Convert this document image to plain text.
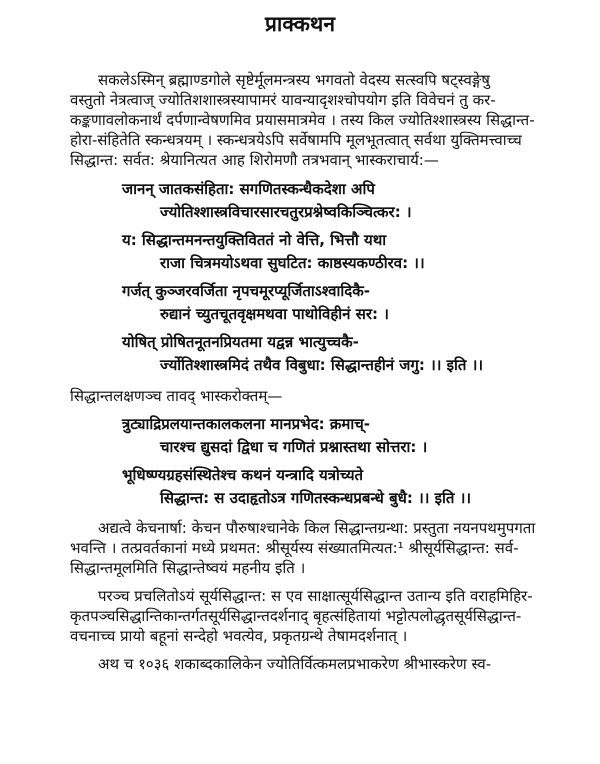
प्राक्कथन
सकलेऽस्मिन् ब्रह्माण्डगोले सृष्टेर्मूलमन्त्रस्य भगवतो वेदस्य सत्स्वपि षट्स्वङ्गेषु
वस्तुतो नेत्रत्वाज् ज्योतिशशास्त्रस्यापामरं यावन्यादृशश्चोपयोग इति विवेचनं तु कर-
कङ्कणावलोकनार्थं दर्पणान्वेषणमिव प्रयासमात्रमेव । तस्य किल ज्योतिश्शास्त्रस्य सिद्धान्त-
होरा-संहितेति स्कन्धत्रयम् । स्कन्धत्रयेऽपि सर्वेषामपि मूलभूतत्वात् सर्वथा युक्तिमत्त्वाच्च
सिद्धान्त: सर्वत: श्रेयानित्यत आह शिरोमणौ तत्रभवान् भास्कराचार्य:—
जानन् जातकसंहिता: सगणितस्कन्धैकदेशा अपि
ज्योतिश्शास्त्रविचारसारचतुरप्रश्नेष्वकिञ्चित्कर: ।
य: सिद्धान्तमनन्तयुक्तिविततं नो वेत्ति, भित्तौ यथा
राजा चित्रमयोऽथवा सुघटित: काष्ठस्यकण्ठीरव: ।।
गर्जत् कुञ्जरवर्जिता नृपचमूरप्यूर्जिताऽश्वादिकै-
रुद्यानं च्युतचूतवृक्षमथवा पाथोविहीनं सर: ।
योषित् प्रोषितनूतनप्रियतमा यद्वन्न भात्युच्चकै-
र्ज्योतिश्शास्त्रमिदं तथैव विबुधा: सिद्धान्तहीनं जगु: ।। इति ।।
सिद्धान्तलक्षणञ्च तावद् भास्करोक्तम्—
त्रुट्याद्रिप्रलयान्तकालकलना मानप्रभेद: क्रमाच्-
चारश्च द्युसदां द्विधा च गणितं प्रश्नास्तथा सोत्तरा: ।
भूधिष्ण्यग्रहसंस्थितेश्च कथनं यन्त्रादि यत्रोच्यते
सिद्धान्त: स उदाहृतोऽत्र गणितस्कन्धप्रबन्धे बुधै: ।। इति ।।
अद्यत्वे केचनार्षा: केचन पौरुषाश्चानेके किल सिद्धान्तग्रन्था: प्रस्तुता नयनपथमुपगता
भवन्ति । तत्प्रवर्तकानां मध्ये प्रथमत: श्रीसूर्यस्य संख्यातमित्यत:¹ श्रीसूर्यसिद्धान्त: सर्व-
सिद्धान्तमूलमिति सिद्धान्तेष्वयं महनीय इति ।
परञ्च प्रचलितोऽयं सूर्यसिद्धान्त: स एव साक्षात्सूर्यसिद्धान्त उतान्य इति वराहमिहिर-
कृतपञ्चसिद्धान्तिकान्तर्गतसूर्यसिद्धान्तदर्शनाद् बृहत्संहितायां भट्टोत्पलोद्धृतसूर्यसिद्धान्त-
वचनाच्च प्रायो बहूनां सन्देहो भवत्येव, प्रकृतग्रन्थे तेषामदर्शनात् ।
अथ च १०३६ शकाब्दकालिकेन ज्योतिर्वित्कमलप्रभाकरेण श्रीभास्करेण स्व-
